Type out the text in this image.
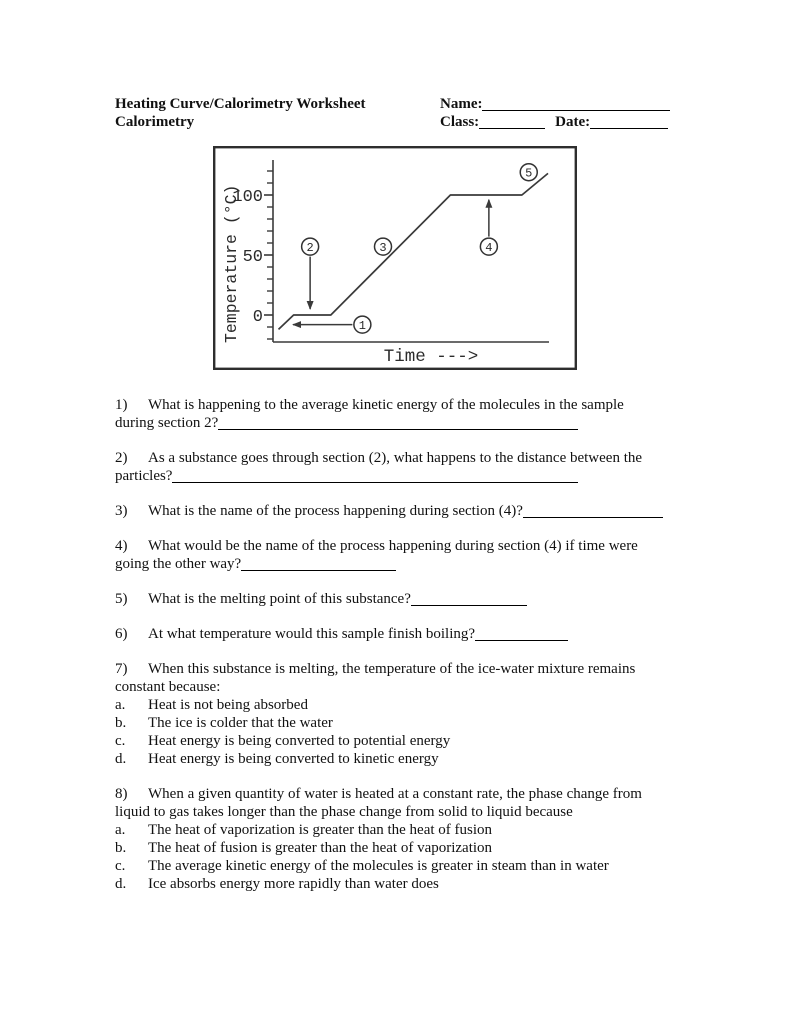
Heating Curve/Calorimetry Worksheet
Calorimetry
Name:
Class:	Date:
100
50
0	1
2	3	4
5
Temperature (°C)
Time --->
1) What is happening to the average kinetic energy of the molecules in the sample
during section 2?
2) As a substance goes through section (2), what happens to the distance between the
particles?
3) What is the name of the process happening during section (4)?
4) What would be the name of the process happening during section (4) if time were
going the other way?
5) What is the melting point of this substance?
6) At what temperature would this sample finish boiling?
7) When this substance is melting, the temperature of the ice-water mixture remains
constant because:
a. Heat is not being absorbed
b. The ice is colder that the water
c. Heat energy is being converted to potential energy
d. Heat energy is being converted to kinetic energy
8) When a given quantity of water is heated at a constant rate, the phase change from
liquid to gas takes longer than the phase change from solid to liquid because
a. The heat of vaporization is greater than the heat of fusion
b. The heat of fusion is greater than the heat of vaporization
c. The average kinetic energy of the molecules is greater in steam than in water
d. Ice absorbs energy more rapidly than water does
